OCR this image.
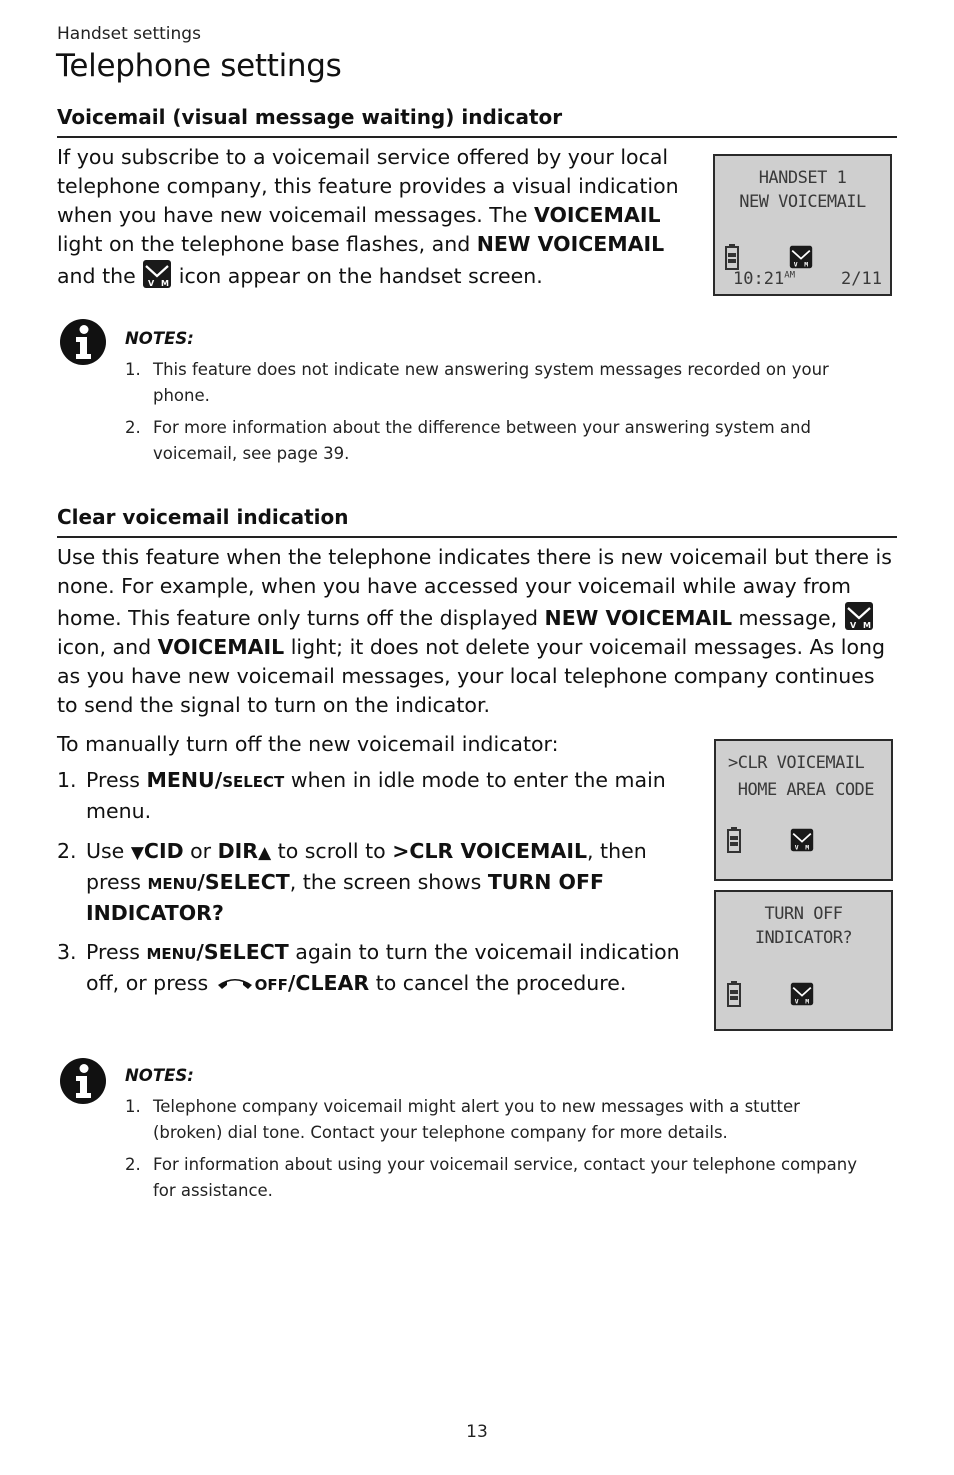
Handset settings
Telephone settings
Voicemail (visual message waiting) indicator
If you subscribe to a voicemail service offered by your local telephone company, this feature provides a visual indication when you have new voicemail messages. The VOICEMAIL light on the telephone base flashes, and NEW VOICEMAIL and the V M icon appear on the handset screen.
HANDSET 1
NEW VOICEMAIL
V M
$10:21^{AM}$	2/11
NOTES:
1. This feature does not indicate new answering system messages recorded on your phone.
2. For more information about the difference between your answering system and voicemail, see page 39.
Clear voicemail indication
Use this feature when the telephone indicates there is new voicemail but there is none. For example, when you have accessed your voicemail while away from home. This feature only turns off the displayed NEW VOICEMAIL message, V M
icon, and VOICEMAIL light; it does not delete your voicemail messages. As long as you have new voicemail messages, your local telephone company continues to send the signal to turn on the indicator.
To manually turn off the new voicemail indicator:
1. Press MENU/SELECT when in idle mode to enter the main menu.
2. Use ▼CID or DIR▲ to scroll to >CLR VOICEMAIL, then press MENU/SELECT, the screen shows TURN OFF INDICATOR?
3. Press MENU/SELECT again to turn the voicemail indication off, or press	OFF/CLEAR to cancel the procedure.
>CLR VOICEMAIL
HOME AREA CODE
V M
TURN OFF
INDICATOR?
V M
NOTES:
1. Telephone company voicemail might alert you to new messages with a stutter (broken) dial tone. Contact your telephone company for more details.
2. For information about using your voicemail service, contact your telephone company for assistance.
13
